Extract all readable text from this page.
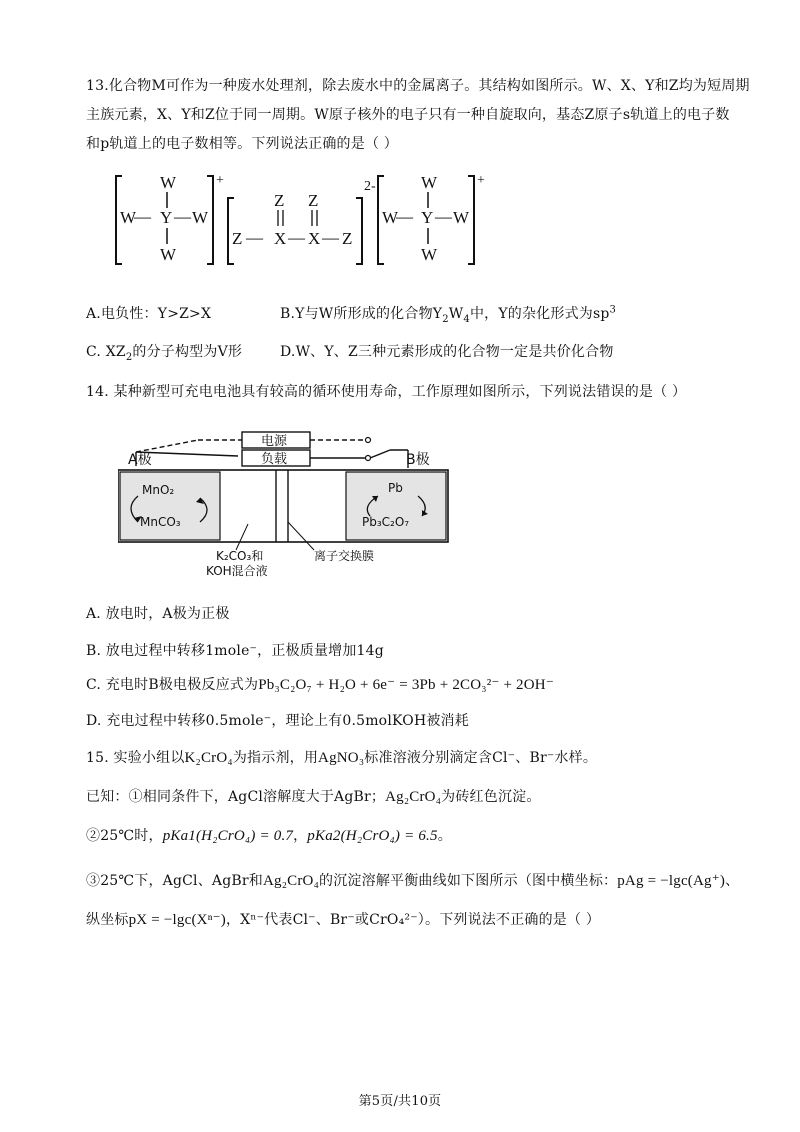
13.化合物M可作为一种废水处理剂，除去废水中的金属离子。其结构如图所示。W、X、Y和Z均为短周期
主族元素，X、Y和Z位于同一周期。W原子核外的电子只有一种自旋取向，基态Z原子s轨道上的电子数
和p轨道上的电子数相等。下列说法正确的是（ ）
W
W
— Y — W
W
+
Z Z
Z — X — X — Z
2-	W
W
— Y — W
W
+
A.电负性：Y>Z>X	B.Y与W所形成的化合物$Y_2W_4$中，Y的杂化形式为$sp^3$
C. $XZ_2$的分子构型为V形	D.W、Y、Z三种元素形成的化合物一定是共价化合物
14. 某种新型可充电电池具有较高的循环使用寿命，工作原理如图所示，下列说法错误的是（ ）
电源
负载
A极	B极
MnO₂
MnCO₃
Pb
Pb₃C₂O₇
K₂CO₃和
KOH混合液
离子交换膜
A. 放电时，A极为正极
B. 放电过程中转移1mole⁻，正极质量增加14g
C. 充电时B极电极反应式为Pb₃C₂O₇ + H₂O + 6e⁻ = 3Pb + 2CO₃²⁻ + 2OH⁻
D. 充电过程中转移0.5mole⁻，理论上有0.5molKOH被消耗
15. 实验小组以K₂CrO₄为指示剂，用AgNO₃标准溶液分别滴定含Cl⁻、Br⁻水样。
已知：①相同条件下，AgCl溶解度大于AgBr；Ag₂CrO₄为砖红色沉淀。
②25℃时，pKa1(H₂CrO₄) = 0.7，pKa2(H₂CrO₄) = 6.5。
③25℃下，AgCl、AgBr和Ag₂CrO₄的沉淀溶解平衡曲线如下图所示（图中横坐标：pAg = −lgc(Ag⁺)、
纵坐标pX = −lgc(Xⁿ⁻)，Xⁿ⁻代表Cl⁻、Br⁻或CrO₄²⁻）。下列说法不正确的是（ ）
第5页/共10页
